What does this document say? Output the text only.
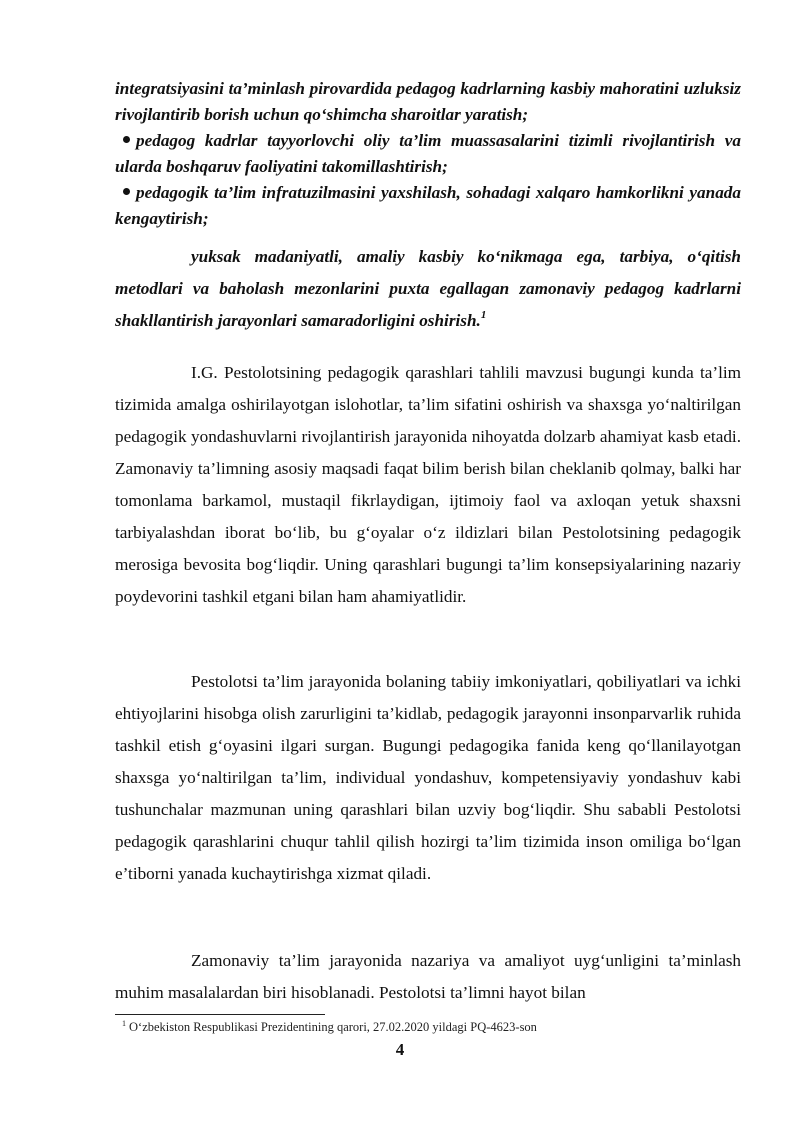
integratsiyasini ta’minlash pirovardida pedagog kadrlarning kasbiy mahoratini uzluksiz rivojlantirib borish uchun qo‘shimcha sharoitlar yaratish;

pedagog kadrlar tayyorlovchi oliy ta’lim muassasalarini tizimli rivojlantirish va ularda boshqaruv faoliyatini takomillashtirish;

pedagogik ta’lim infratuzilmasini yaxshilash, sohadagi xalqaro hamkorlikni yanada kengaytirish;

yuksak madaniyatli, amaliy kasbiy ko‘nikmaga ega, tarbiya, o‘qitish metodlari va baholash mezonlarini puxta egallagan zamonaviy pedagog kadrlarni shakllantirish jarayonlari samaradorligini oshirish.$^1$

I.G. Pestolotsining pedagogik qarashlari tahlili mavzusi bugungi kunda ta’lim tizimida amalga oshirilayotgan islohotlar, ta’lim sifatini oshirish va shaxsga yo‘naltirilgan pedagogik yondashuvlarni rivojlantirish jarayonida nihoyatda dolzarb ahamiyat kasb etadi. Zamonaviy ta’limning asosiy maqsadi faqat bilim berish bilan cheklanib qolmay, balki har tomonlama barkamol, mustaqil fikrlaydigan, ijtimoiy faol va axloqan yetuk shaxsni tarbiyalashdan iborat bo‘lib, bu g‘oyalar o‘z ildizlari bilan Pestolotsining pedagogik merosiga bevosita bog‘liqdir. Uning qarashlari bugungi ta’lim konsepsiyalarining nazariy poydevorini tashkil etgani bilan ham ahamiyatlidir.

Pestolotsi ta’lim jarayonida bolaning tabiiy imkoniyatlari, qobiliyatlari va ichki ehtiyojlarini hisobga olish zarurligini ta’kidlab, pedagogik jarayonni insonparvarlik ruhida tashkil etish g‘oyasini ilgari surgan. Bugungi pedagogika fanida keng qo‘llanilayotgan shaxsga yo‘naltirilgan ta’lim, individual yondashuv, kompetensiyaviy yondashuv kabi tushunchalar mazmunan uning qarashlari bilan uzviy bog‘liqdir. Shu sababli Pestolotsi pedagogik qarashlarini chuqur tahlil qilish hozirgi ta’lim tizimida inson omiliga bo‘lgan e’tiborni yanada kuchaytirishga xizmat qiladi.

Zamonaviy ta’lim jarayonida nazariya va amaliyot uyg‘unligini ta’minlash muhim masalalardan biri hisoblanadi. Pestolotsi ta’limni hayot bilan

$^1$ O‘zbekiston Respublikasi Prezidentining qarori, 27.02.2020 yildagi PQ-4623-son
4
